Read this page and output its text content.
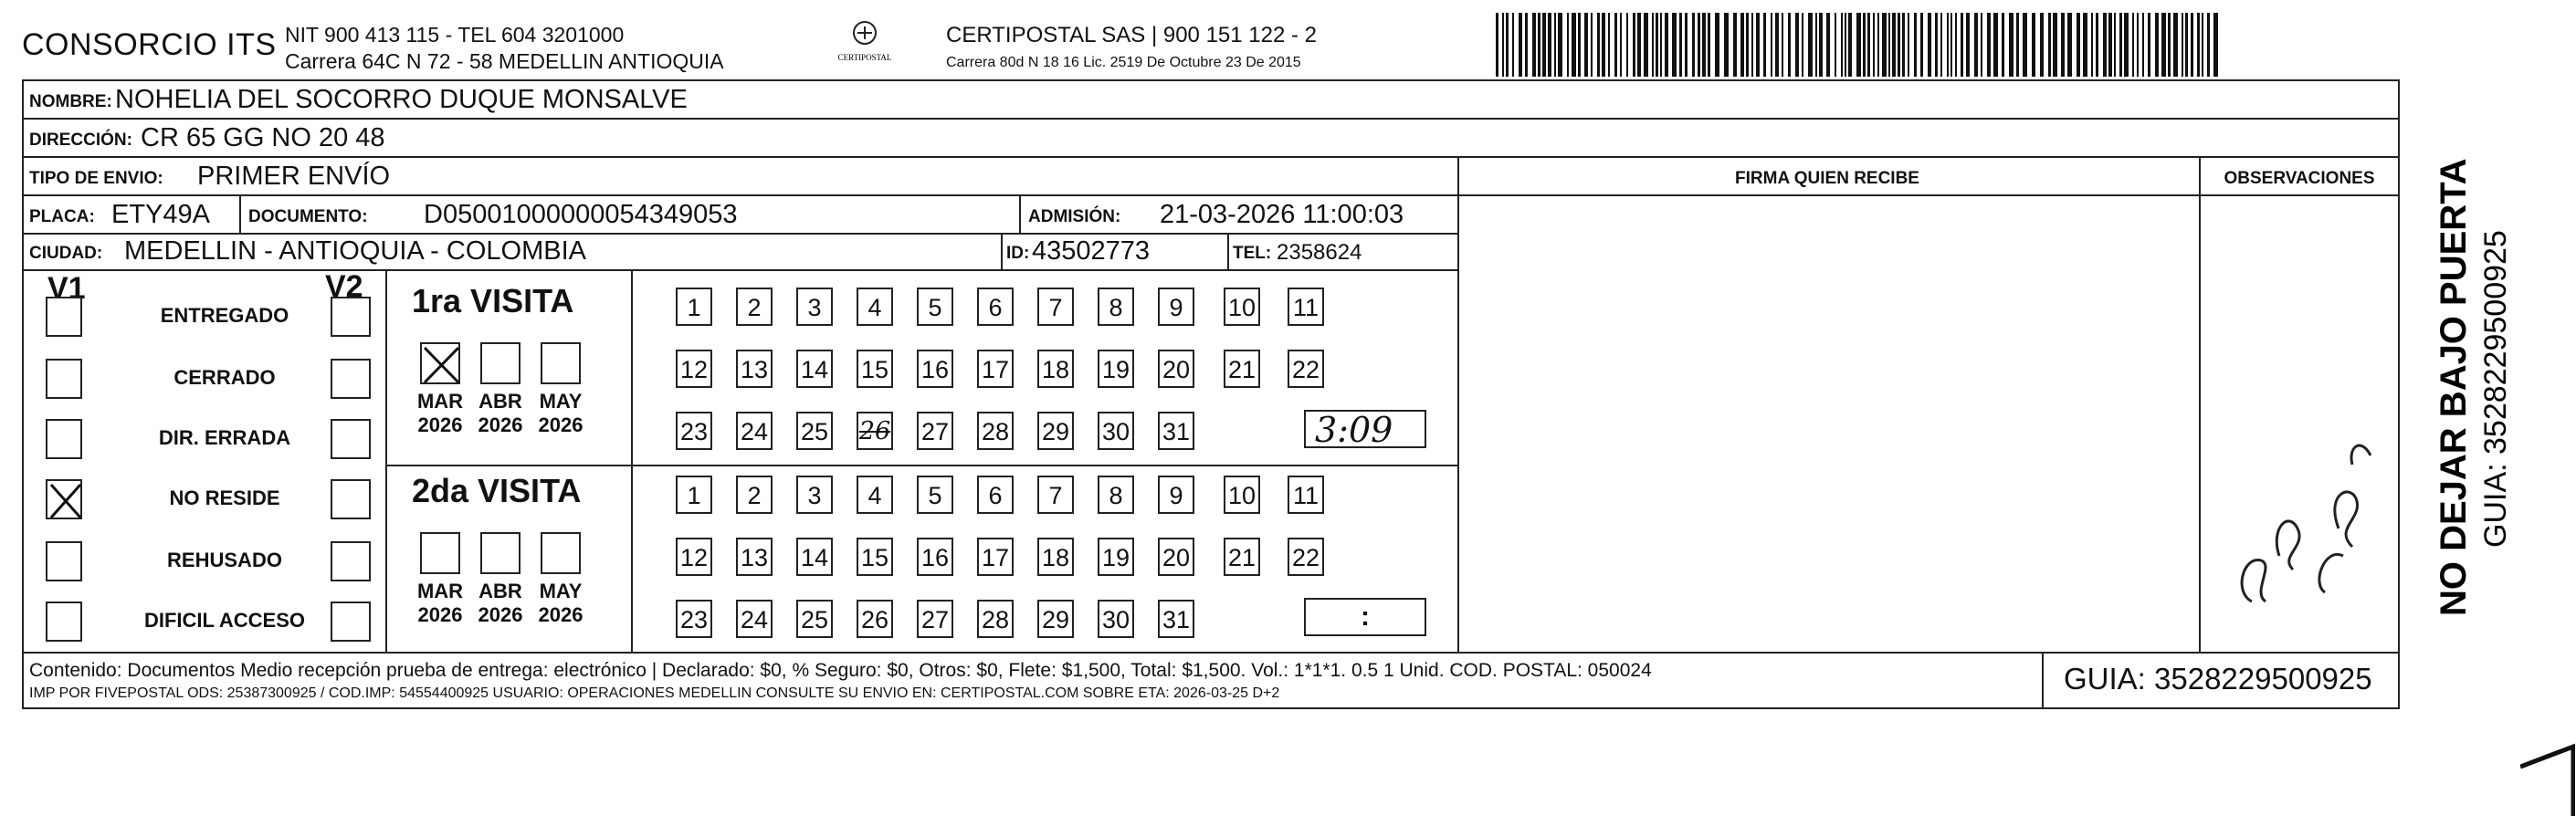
CONSORCIO ITS NIT 900 413 115 - TEL 604 3201000
Carrera 64C N 72 - 58 MEDELLIN ANTIOQUIA	CERTIPOSTAL
CERTIPOSTAL SAS | 900 151 122 - 2
Carrera 80d N 18 16 Lic. 2519 De Octubre 23 De 2015
NOMBRE: NOHELIA DEL SOCORRO DUQUE MONSALVE
DIRECCIÓN: CR 65 GG NO 20 48
TIPO DE ENVIO: PRIMER ENVÍO	FIRMA QUIEN RECIBE	OBSERVACIONES
PLACA: ETY49A DOCUMENTO: D05001000000054349053	ADMISIÓN: 21-03-2026 11:00:03
CIUDAD: MEDELLIN - ANTIOQUIA - COLOMBIA	ID: 43502773	TEL: 2358624
V1	V2
ENTREGADO
CERRADO
DIR. ERRADA
NO RESIDE
REHUSADO
DIFICIL ACCESO
1ra VISITA
2da VISITA
MAR
2026
ABR
2026
MAY
2026
MAR
2026
ABR
2026
MAY
2026
1	2	3	4	5	6	7	8	9	10 11
12 13 14 15 16 17 18 19 20 21 22
23 24 25 26 27 28 29 30 31
1	2	3	4	5	6	7	8	9	10 11
12 13 14 15 16 17 18 19 20 21 22
23 24 25 26 27 28 29 30 31
3:09
:
Contenido: Documentos Medio recepción prueba de entrega: electrónico | Declarado: $0, % Seguro: $0, Otros: $0, Flete: $1,500, Total: $1,500. Vol.: 1*1*1. 0.5 1 Unid. COD. POSTAL: 050024
IMP POR FIVEPOSTAL ODS: 25387300925 / COD.IMP: 54554400925 USUARIO: OPERACIONES MEDELLIN CONSULTE SU ENVIO EN: CERTIPOSTAL.COM SOBRE ETA: 2026-03-25 D+2	GUIA: 3528229500925
NO DEJAR BAJO PUERTA GUIA: 3528229500925
